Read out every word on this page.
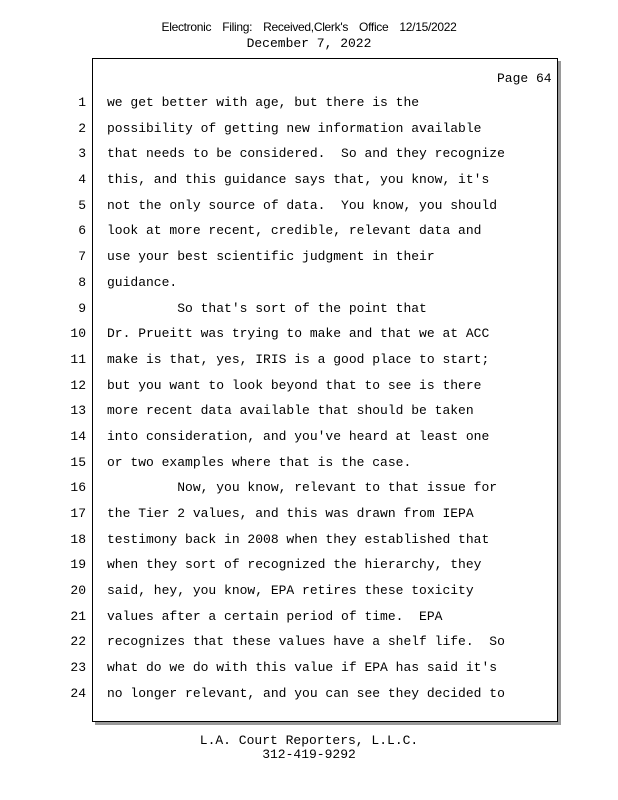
Electronic Filing: Received,Clerk's Office 12/15/2022
December 7, 2022
Page 64
1
2
3
4
5
6
7
8
9
10
11
12
13
14
15
16
17
18
19
20
21
22
23
24
we get better with age, but there is the
possibility of getting new information available
that needs to be considered.  So and they recognize
this, and this guidance says that, you know, it's
not the only source of data.  You know, you should
look at more recent, credible, relevant data and
use your best scientific judgment in their
guidance.
So that's sort of the point that
Dr. Prueitt was trying to make and that we at ACC
make is that, yes, IRIS is a good place to start;
but you want to look beyond that to see is there
more recent data available that should be taken
into consideration, and you've heard at least one
or two examples where that is the case.
Now, you know, relevant to that issue for
the Tier 2 values, and this was drawn from IEPA
testimony back in 2008 when they established that
when they sort of recognized the hierarchy, they
said, hey, you know, EPA retires these toxicity
values after a certain period of time.  EPA
recognizes that these values have a shelf life.  So
what do we do with this value if EPA has said it's
no longer relevant, and you can see they decided to
L.A. Court Reporters, L.L.C.
312-419-9292
